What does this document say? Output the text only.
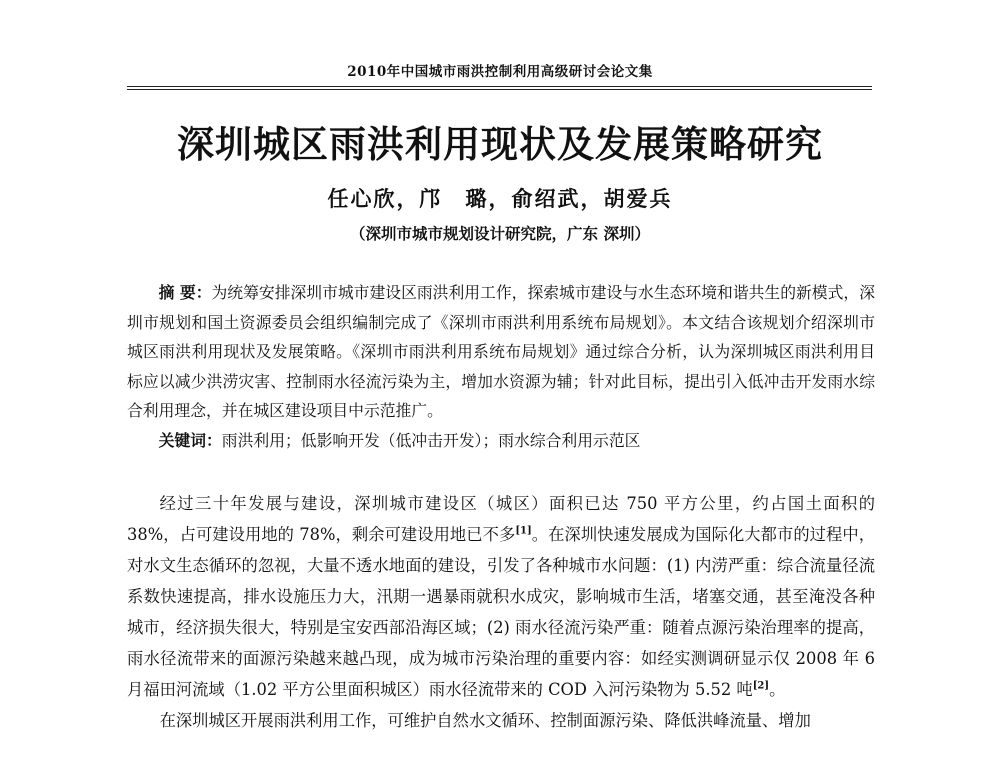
2010年中国城市雨洪控制利用高级研讨会论文集
深圳城区雨洪利用现状及发展策略研究
任心欣，邝　璐，俞绍武，胡爱兵
（深圳市城市规划设计研究院，广东 深圳）

摘 要：为统筹安排深圳市城市建设区雨洪利用工作，探索城市建设与水生态环境和谐共生的新模式，深圳市规划和国土资源委员会组织编制完成了《深圳市雨洪利用系统布局规划》。本文结合该规划介绍深圳市城区雨洪利用现状及发展策略。《深圳市雨洪利用系统布局规划》通过综合分析，认为深圳城区雨洪利用目标应以减少洪涝灾害、控制雨水径流污染为主，增加水资源为辅；针对此目标，提出引入低冲击开发雨水综合利用理念，并在城区建设项目中示范推广。

关键词：雨洪利用；低影响开发（低冲击开发）；雨水综合利用示范区

经过三十年发展与建设，深圳城市建设区（城区）面积已达 750 平方公里，约占国土面积的 38%，占可建设用地的 78%，剩余可建设用地已不多[1]。在深圳快速发展成为国际化大都市的过程中，对水文生态循环的忽视，大量不透水地面的建设，引发了各种城市水问题：(1) 内涝严重：综合流量径流系数快速提高，排水设施压力大，汛期一遇暴雨就积水成灾，影响城市生活，堵塞交通，甚至淹没各种城市，经济损失很大，特别是宝安西部沿海区域；(2) 雨水径流污染严重：随着点源污染治理率的提高，雨水径流带来的面源污染越来越凸现，成为城市污染治理的重要内容：如经实测调研显示仅 2008 年 6 月福田河流域（1.02 平方公里面积城区）雨水径流带来的 COD 入河污染物为 5.52 吨[2]。

在深圳城区开展雨洪利用工作，可维护自然水文循环、控制面源污染、降低洪峰流量、增加
